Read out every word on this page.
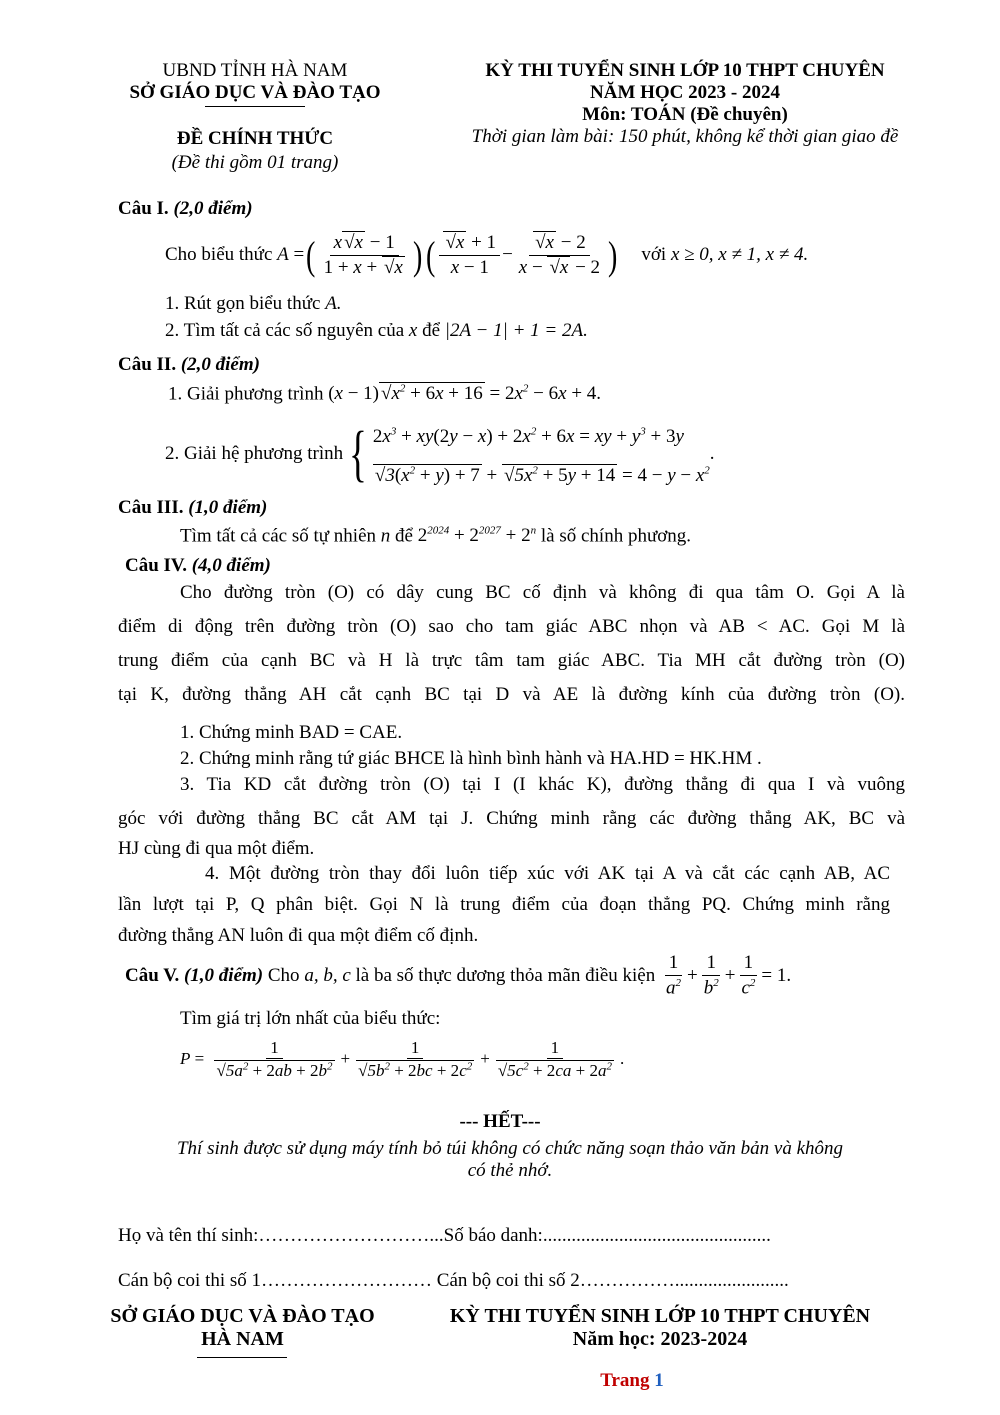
UBND TỈNH HÀ NAM
SỞ GIÁO DỤC VÀ ĐÀO TẠO
ĐỀ CHÍNH THỨC
(Đề thi gồm 01 trang)
KỲ THI TUYỂN SINH LỚP 10 THPT CHUYÊN
NĂM HỌC 2023 - 2024
Môn: TOÁN (Đề chuyên)
Thời gian làm bài: 150 phút, không kể thời gian giao đề
Câu I. (2,0 điểm)
Cho biểu thức
A = ( $\frac{x √x - 1}{1 + x + √x}$ ) ( $\frac{√x + 1}{x - 1} - \frac{√x - 2}{x - √x - 2}$ ) với
x ≥ 0, x ≠ 1, x ≠ 4.
1. Rút gọn biểu thức A.
2. Tìm tất cả các số nguyên của x để |2A − 1| + 1 = 2A.
Câu II. (2,0 điểm)
1. Giải phương trình (x − 1) $√x^2 + 6x + 16 = 2x^2 - 6x + 4$.
2. Giải hệ phương trình { $2x^3 + xy(2y - x) + 2x^2 + 6x$ = xy + $y^3 + 3y$
$√3(x^2 + y) + 7 + √5x^2 + 5y + 14 = 4 - y - x^2$
.
Câu III. (1,0 điểm)
Tìm tất cả các số tự nhiên n để $2^{2024} + 2^{2027} + 2^n$ là số chính phương.
Câu IV. (4,0 điểm)
Cho đường tròn (O) có dây cung BC cố định và không đi qua tâm O. Gọi A là
điểm di động trên đường tròn (O) sao cho tam giác ABC nhọn và AB < AC. Gọi M là
trung điểm của cạnh BC và H là trực tâm tam giác ABC. Tia MH cắt đường tròn (O)
tại K, đường thẳng AH cắt cạnh BC tại D và AE là đường kính của đường tròn (O).
1. Chứng minh BAD = CAE.
2. Chứng minh rằng tứ giác BHCE là hình bình hành và HA.HD = HK.HM .
3. Tia KD cắt đường tròn (O) tại I (I khác K), đường thẳng đi qua I và vuông
góc với đường thẳng BC cắt AM tại J. Chứng minh rằng các đường thẳng AK, BC và
HJ cùng đi qua một điểm.
4. Một đường tròn thay đổi luôn tiếp xúc với AK tại A và cắt các cạnh AB, AC
lần lượt tại P, Q phân biệt. Gọi N là trung điểm của đoạn thẳng PQ. Chứng minh rằng
đường thẳng AN luôn đi qua một điểm cố định.
Câu V.
(1,0 điểm)
Cho
a, b, c
là ba số thực dương thỏa mãn điều kiện
$\frac{1}{a^2} + \frac{1}{b^2} + \frac{1}{c^2} = 1$.
Tìm giá trị lớn nhất của biểu thức:
$P = \frac{1}{√5a^2 + 2ab + 2b^2} + \frac{1}{√5b^2 + 2bc + 2c^2} + \frac{1}{√5c^2 + 2ca + 2a^2}$ .
--- HẾT---
Thí sinh được sử dụng máy tính bỏ túi không có chức năng soạn thảo văn bản và không
có thẻ nhớ.
Họ và tên thí sinh:………………………...Số báo danh:................................................
Cán bộ coi thi số 1……………………… Cán bộ coi thi số 2……………........................
SỞ GIÁO DỤC VÀ ĐÀO TẠO
HÀ NAM
KỲ THI TUYỂN SINH LỚP 10 THPT CHUYÊN
Năm học: 2023-2024
Trang 1
